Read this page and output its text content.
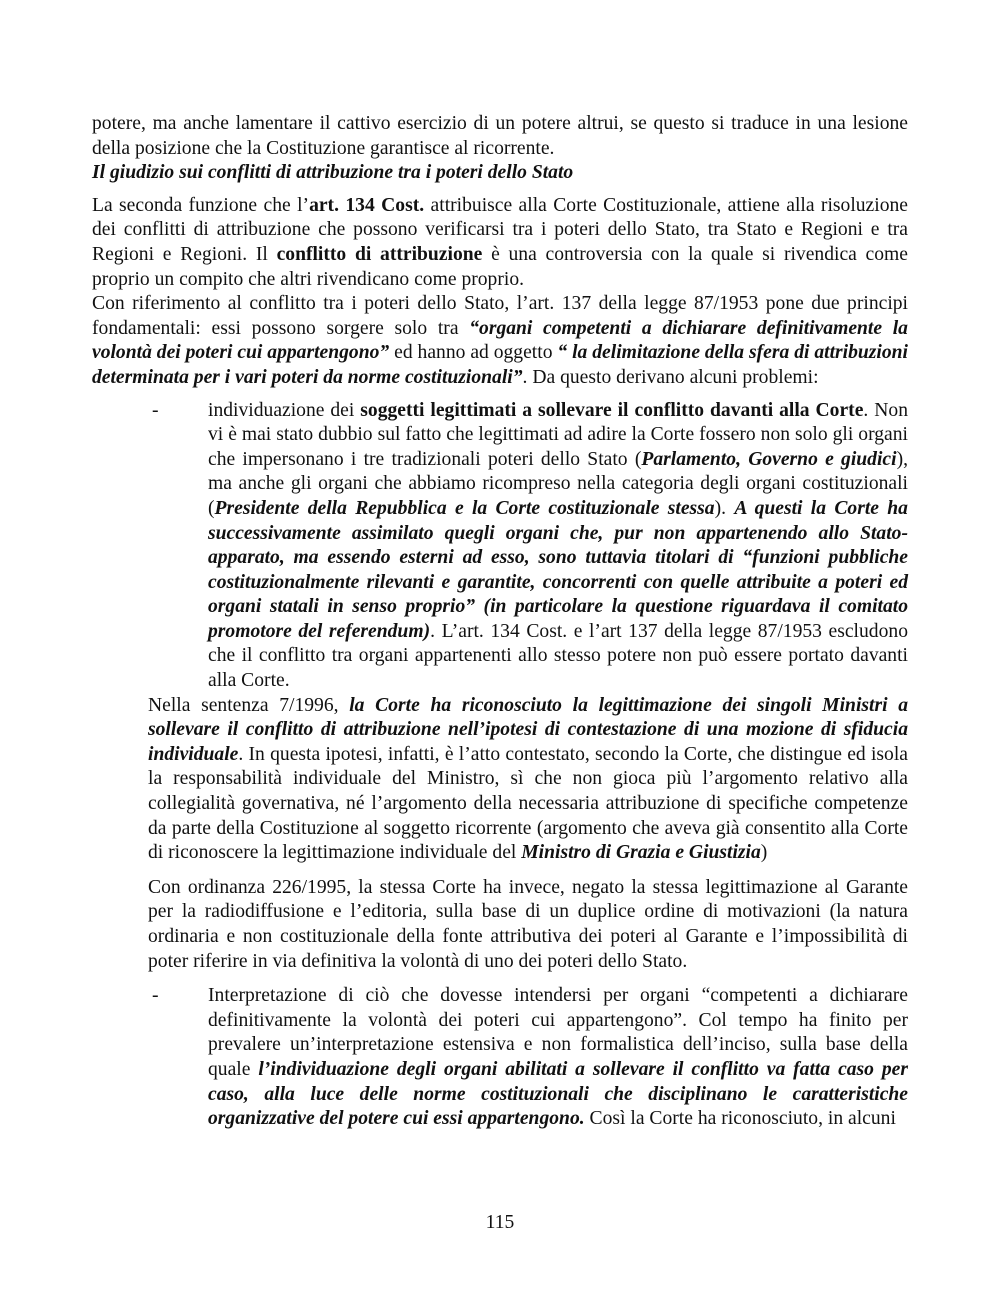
potere, ma anche lamentare il cattivo esercizio di un potere altrui, se questo si traduce in una lesione della posizione che la Costituzione garantisce al ricorrente.

Il giudizio sui conflitti di attribuzione tra i poteri dello Stato

La seconda funzione che l’art. 134 Cost. attribuisce alla Corte Costituzionale, attiene alla risoluzione dei conflitti di attribuzione che possono verificarsi tra i poteri dello Stato, tra Stato e Regioni e tra Regioni e Regioni. Il conflitto di attribuzione è una controversia con la quale si rivendica come proprio un compito che altri rivendicano come proprio.

Con riferimento al conflitto tra i poteri dello Stato, l’art. 137 della legge 87/1953 pone due principi fondamentali: essi possono sorgere solo tra “organi competenti a dichiarare definitivamente la volontà dei poteri cui appartengono” ed hanno ad oggetto “ la delimitazione della sfera di attribuzioni determinata per i vari poteri da norme costituzionali”. Da questo derivano alcuni problemi:

-	individuazione dei soggetti legittimati a sollevare il conflitto davanti alla Corte. Non vi è mai stato dubbio sul fatto che legittimati ad adire la Corte fossero non solo gli organi che impersonano i tre tradizionali poteri dello Stato (Parlamento, Governo e giudici), ma anche gli organi che abbiamo ricompreso nella categoria degli organi costituzionali (Presidente della Repubblica e la Corte costituzionale stessa). A questi la Corte ha successivamente assimilato quegli organi che, pur non appartenendo allo Stato-apparato, ma essendo esterni ad esso, sono tuttavia titolari di “funzioni pubbliche costituzionalmente rilevanti e garantite, concorrenti con quelle attribuite a poteri ed organi statali in senso proprio” (in particolare la questione riguardava il comitato promotore del referendum). L’art. 134 Cost. e l’art 137 della legge 87/1953 escludono che il conflitto tra organi appartenenti allo stesso potere non può essere portato davanti alla Corte.

Nella sentenza 7/1996, la Corte ha riconosciuto la legittimazione dei singoli Ministri a sollevare il conflitto di attribuzione nell’ipotesi di contestazione di una mozione di sfiducia individuale. In questa ipotesi, infatti, è l’atto contestato, secondo la Corte, che distingue ed isola la responsabilità individuale del Ministro, sì che non gioca più l’argomento relativo alla collegialità governativa, né l’argomento della necessaria attribuzione di specifiche competenze da parte della Costituzione al soggetto ricorrente (argomento che aveva già consentito alla Corte di riconoscere la legittimazione individuale del Ministro di Grazia e Giustizia)

Con ordinanza 226/1995, la stessa Corte ha invece, negato la stessa legittimazione al Garante per la radiodiffusione e l’editoria, sulla base di un duplice ordine di motivazioni (la natura ordinaria e non costituzionale della fonte attributiva dei poteri al Garante e l’impossibilità di poter riferire in via definitiva la volontà di uno dei poteri dello Stato.

-	Interpretazione di ciò che dovesse intendersi per organi “competenti a dichiarare definitivamente la volontà dei poteri cui appartengono”. Col tempo ha finito per prevalere un’interpretazione estensiva e non formalistica dell’inciso, sulla base della quale l’individuazione degli organi abilitati a sollevare il conflitto va fatta caso per caso, alla luce delle norme costituzionali che disciplinano le caratteristiche organizzative del potere cui essi appartengono. Così la Corte ha riconosciuto, in alcuni

115
